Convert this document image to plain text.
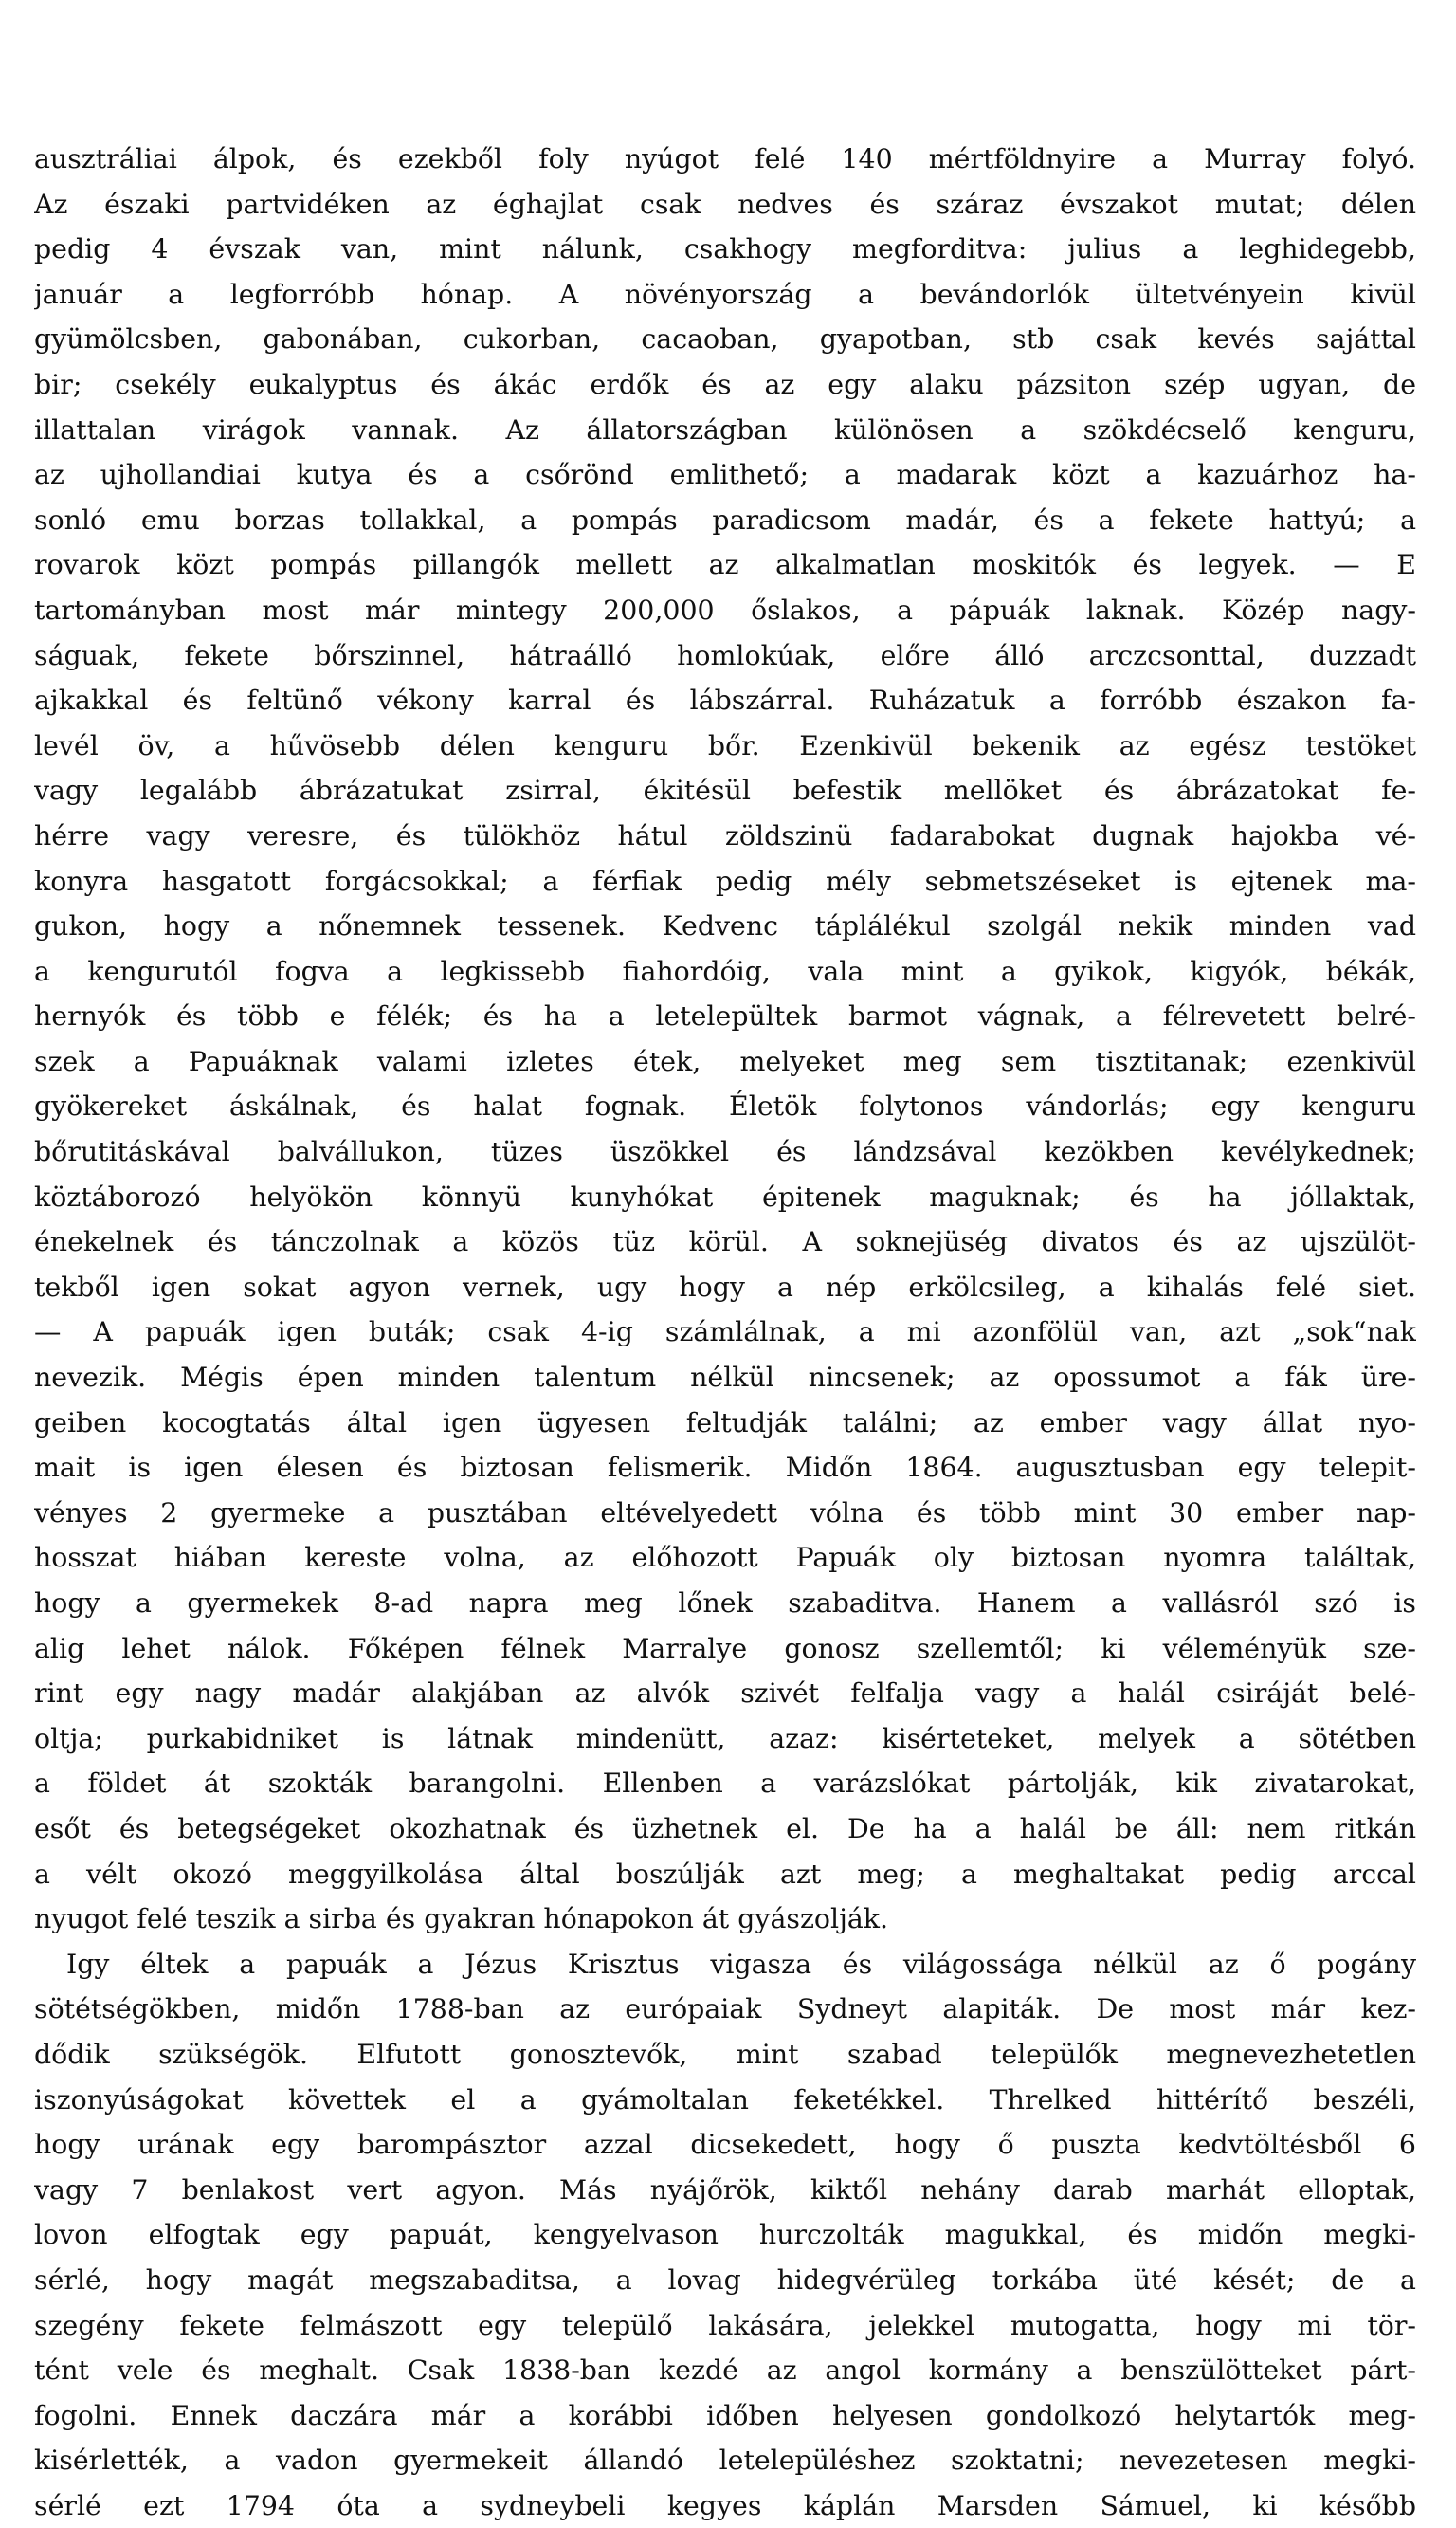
ausztráliai álpok, és ezekből foly nyúgot felé 140 mértföldnyire a Murray folyó.
Az északi partvidéken az éghajlat csak nedves és száraz évszakot mutat; délen
pedig 4 évszak van, mint nálunk, csakhogy megforditva: julius a leghidegebb,
január a legforróbb hónap. A növényország a bevándorlók ültetvényein kivül
gyümölcsben, gabonában, cukorban, cacaoban, gyapotban, stb csak kevés sajáttal
bir; csekély eukalyptus és ákác erdők és az egy alaku pázsiton szép ugyan, de
illattalan virágok vannak. Az állatországban különösen a szökdécselő kenguru,
az ujhollandiai kutya és a csőrönd emlithető; a madarak közt a kazuárhoz ha-
sonló emu borzas tollakkal, a pompás paradicsom madár, és a fekete hattyú; a
rovarok közt pompás pillangók mellett az alkalmatlan moskitók és legyek. — E
tartományban most már mintegy 200,000 őslakos, a pápuák laknak. Közép nagy-
ságuak, fekete bőrszinnel, hátraálló homlokúak, előre álló arczcsonttal, duzzadt
ajkakkal és feltünő vékony karral és lábszárral. Ruházatuk a forróbb északon fa-
levél öv, a hűvösebb délen kenguru bőr. Ezenkivül bekenik az egész testöket
vagy legalább ábrázatukat zsirral, ékitésül befestik mellöket és ábrázatokat fe-
hérre vagy veresre, és tülökhöz hátul zöldszinü fadarabokat dugnak hajokba vé-
konyra hasgatott forgácsokkal; a férfiak pedig mély sebmetszéseket is ejtenek ma-
gukon, hogy a nőnemnek tessenek. Kedvenc táplálékul szolgál nekik minden vad
a kengurutól fogva a legkissebb fiahordóig, vala mint a gyikok, kigyók, békák,
hernyók és több e félék; és ha a letelepültek barmot vágnak, a félrevetett belré-
szek a Papuáknak valami izletes étek, melyeket meg sem tisztitanak; ezenkivül
gyökereket áskálnak, és halat fognak. Életök folytonos vándorlás; egy kenguru
bőrutitáskával balvállukon, tüzes üszökkel és lándzsával kezökben kevélykednek;
köztáborozó helyökön könnyü kunyhókat épitenek maguknak; és ha jóllaktak,
énekelnek és tánczolnak a közös tüz körül. A soknejüség divatos és az ujszülöt-
tekből igen sokat agyon vernek, ugy hogy a nép erkölcsileg, a kihalás felé siet.
— A papuák igen buták; csak 4-ig számlálnak, a mi azonfölül van, azt „sok“nak
nevezik. Mégis épen minden talentum nélkül nincsenek; az opossumot a fák üre-
geiben kocogtatás által igen ügyesen feltudják találni; az ember vagy állat nyo-
mait is igen élesen és biztosan felismerik. Midőn 1864. augusztusban egy telepit-
vényes 2 gyermeke a pusztában eltévelyedett vólna és több mint 30 ember nap-
hosszat hiában kereste volna, az előhozott Papuák oly biztosan nyomra találtak,
hogy a gyermekek 8-ad napra meg lőnek szabaditva. Hanem a vallásról szó is
alig lehet nálok. Főképen félnek Marralye gonosz szellemtől; ki véleményük sze-
rint egy nagy madár alakjában az alvók szivét felfalja vagy a halál csiráját belé-
oltja; purkabidniket is látnak mindenütt, azaz: kisérteteket, melyek a sötétben
a földet át szokták barangolni. Ellenben a varázslókat pártolják, kik zivatarokat,
esőt és betegségeket okozhatnak és üzhetnek el. De ha a halál be áll: nem ritkán
a vélt okozó meggyilkolása által boszúlják azt meg; a meghaltakat pedig arccal
nyugot felé teszik a sirba és gyakran hónapokon át gyászolják.
Igy éltek a papuák a Jézus Krisztus vigasza és világossága nélkül az ő pogány
sötétségökben, midőn 1788-ban az európaiak Sydneyt alapiták. De most már kez-
dődik szükségök. Elfutott gonosztevők, mint szabad települők megnevezhetetlen
iszonyúságokat követtek el a gyámoltalan feketékkel. Threlked hittérítő beszéli,
hogy urának egy barompásztor azzal dicsekedett, hogy ő puszta kedvtöltésből 6
vagy 7 benlakost vert agyon. Más nyájőrök, kiktől nehány darab marhát elloptak,
lovon elfogtak egy papuát, kengyelvason hurczolták magukkal, és midőn megki-
sérlé, hogy magát megszabaditsa, a lovag hidegvérüleg torkába üté kését; de a
szegény fekete felmászott egy települő lakására, jelekkel mutogatta, hogy mi tör-
tént vele és meghalt. Csak 1838-ban kezdé az angol kormány a benszülötteket párt-
fogolni. Ennek daczára már a korábbi időben helyesen gondolkozó helytartók meg-
kisérlették, a vadon gyermekeit állandó letelepüléshez szoktatni; nevezetesen megki-
sérlé ezt 1794 óta a sydneybeli kegyes káplán Marsden Sámuel, ki később
